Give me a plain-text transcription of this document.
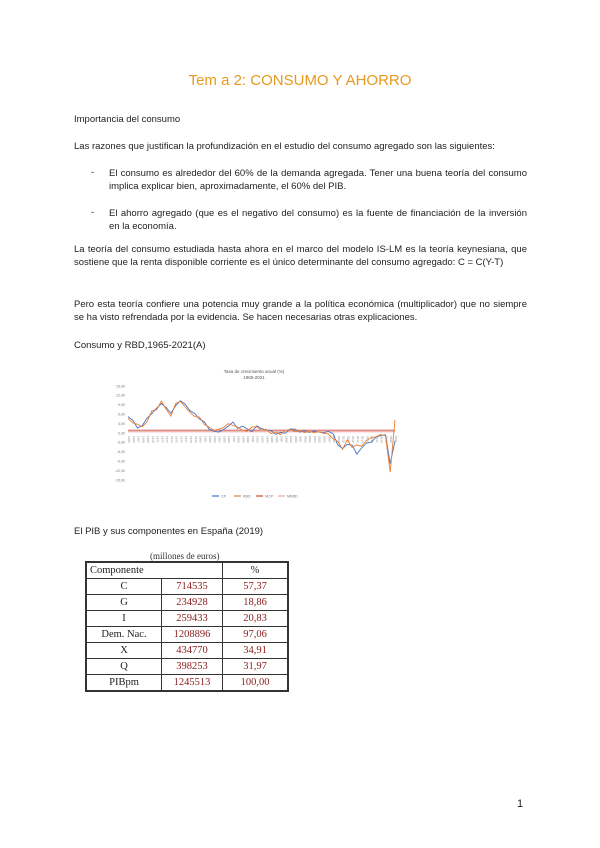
Tem a 2: CONSUMO Y AHORRO

Importancia del consumo

Las razones que justifican la profundización en el estudio del consumo agregado son las siguientes:

- El consumo es alrededor del 60% de la demanda agregada. Tener una buena teoría del consumo implica explicar bien, aproximadamente, el 60% del PIB.

- El ahorro agregado (que es el negativo del consumo) es la fuente de financiación de la inversión en la economía.

La teoría del consumo estudiada hasta ahora en el marco del modelo IS-LM es la teoría keynesiana, que sostiene que la renta disponible corriente es el único determinante del consumo agregado: C = C(Y-T)

Pero esta teoría confiere una potencia muy grande a la política económica (multiplicador) que no siempre se ha visto refrendada por la evidencia. Se hacen necesarias otras explicaciones.

Consumo y RBD,1965-2021(A)

Tasa de crecimiento anual (%)
1965-2021
15,00
12,00
9,00
6,00
3,00
0,00
-3,00
-6,00
-9,00
-12,00
-15,00
1965 1966 1967 1968 1969 1970 1971 1972 1973 1974 1975 1976 1977 1978 1979 1980 1981 1982 1983 1984 1985 1986 1987 1988 1989 1990 1991 1992 1993 1994 1995 1996 1997 1998 1999 2000 2001 2002 2003 2004 2005 2006 2007 2008 2009 2010 2011 2012 2013 2014 2015 2016 2017 2018 2019 2020 2021
CP	RBD	MCP	MRBD

El PIB y sus componentes en España (2019)

(millones de euros)
Componente		%
C	714535	57,37
G	234928	18,86
I	259433	20,83
Dem. Nac.	1208896	97,06
X	434770	34,91
Q	398253	31,97
PIBpm	1245513	100,00
1
